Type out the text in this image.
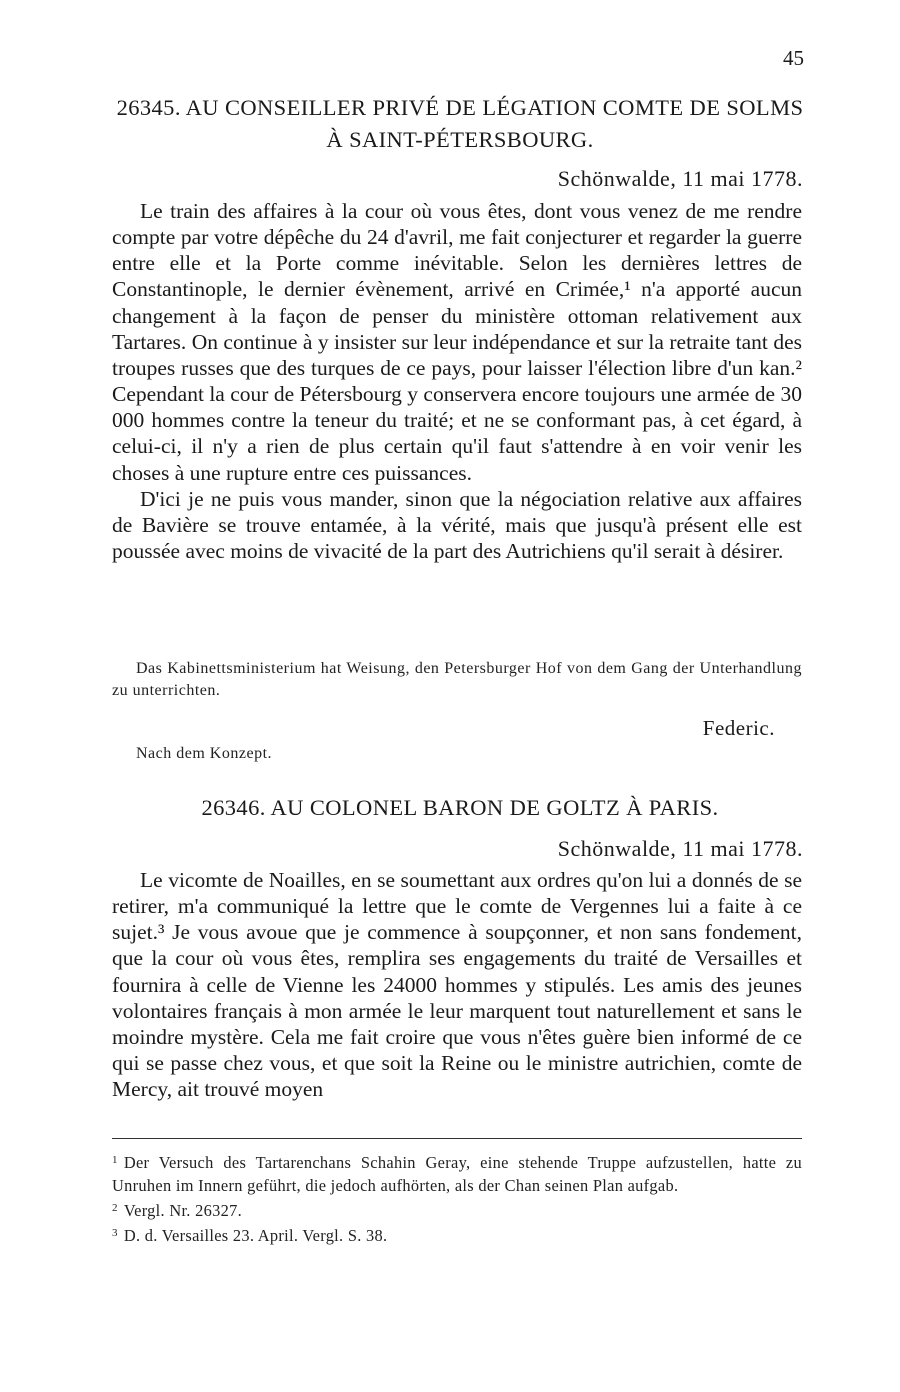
45
26345. AU CONSEILLER PRIVÉ DE LÉGATION COMTE DE SOLMS À SAINT-PÉTERSBOURG.
Schönwalde, 11 mai 1778.

Le train des affaires à la cour où vous êtes, dont vous venez de me rendre compte par votre dépêche du 24 d'avril, me fait conjecturer et regarder la guerre entre elle et la Porte comme inévitable. Selon les dernières lettres de Constantinople, le dernier évènement, arrivé en Crimée,¹ n'a apporté aucun changement à la façon de penser du ministère ottoman relativement aux Tartares. On continue à y insister sur leur indépendance et sur la retraite tant des troupes russes que des turques de ce pays, pour laisser l'élection libre d'un kan.² Cependant la cour de Pétersbourg y conservera encore toujours une armée de 30 000 hommes contre la teneur du traité; et ne se conformant pas, à cet égard, à celui-ci, il n'y a rien de plus certain qu'il faut s'attendre à en voir venir les choses à une rupture entre ces puissances.

D'ici je ne puis vous mander, sinon que la négociation relative aux affaires de Bavière se trouve entamée, à la vérité, mais que jusqu'à présent elle est poussée avec moins de vivacité de la part des Autrichiens qu'il serait à désirer.

Das Kabinettsministerium hat Weisung, den Petersburger Hof von dem Gang der Unterhandlung zu unterrichten.

Federic.
Nach dem Konzept.
26346. AU COLONEL BARON DE GOLTZ À PARIS.
Schönwalde, 11 mai 1778.

Le vicomte de Noailles, en se soumettant aux ordres qu'on lui a donnés de se retirer, m'a communiqué la lettre que le comte de Vergennes lui a faite à ce sujet.³ Je vous avoue que je commence à soupçonner, et non sans fondement, que la cour où vous êtes, remplira ses engagements du traité de Versailles et fournira à celle de Vienne les 24000 hommes y stipulés. Les amis des jeunes volontaires français à mon armée le leur marquent tout naturellement et sans le moindre mystère. Cela me fait croire que vous n'êtes guère bien informé de ce qui se passe chez vous, et que soit la Reine ou le ministre autrichien, comte de Mercy, ait trouvé moyen

$^1$ Der Versuch des Tartarenchans Schahin Geray, eine stehende Truppe aufzustellen, hatte zu Unruhen im Innern geführt, die jedoch aufhörten, als der Chan seinen Plan aufgab.

$^2$ Vergl. Nr. 26327.

$^3$ D. d. Versailles 23. April. Vergl. S. 38.
